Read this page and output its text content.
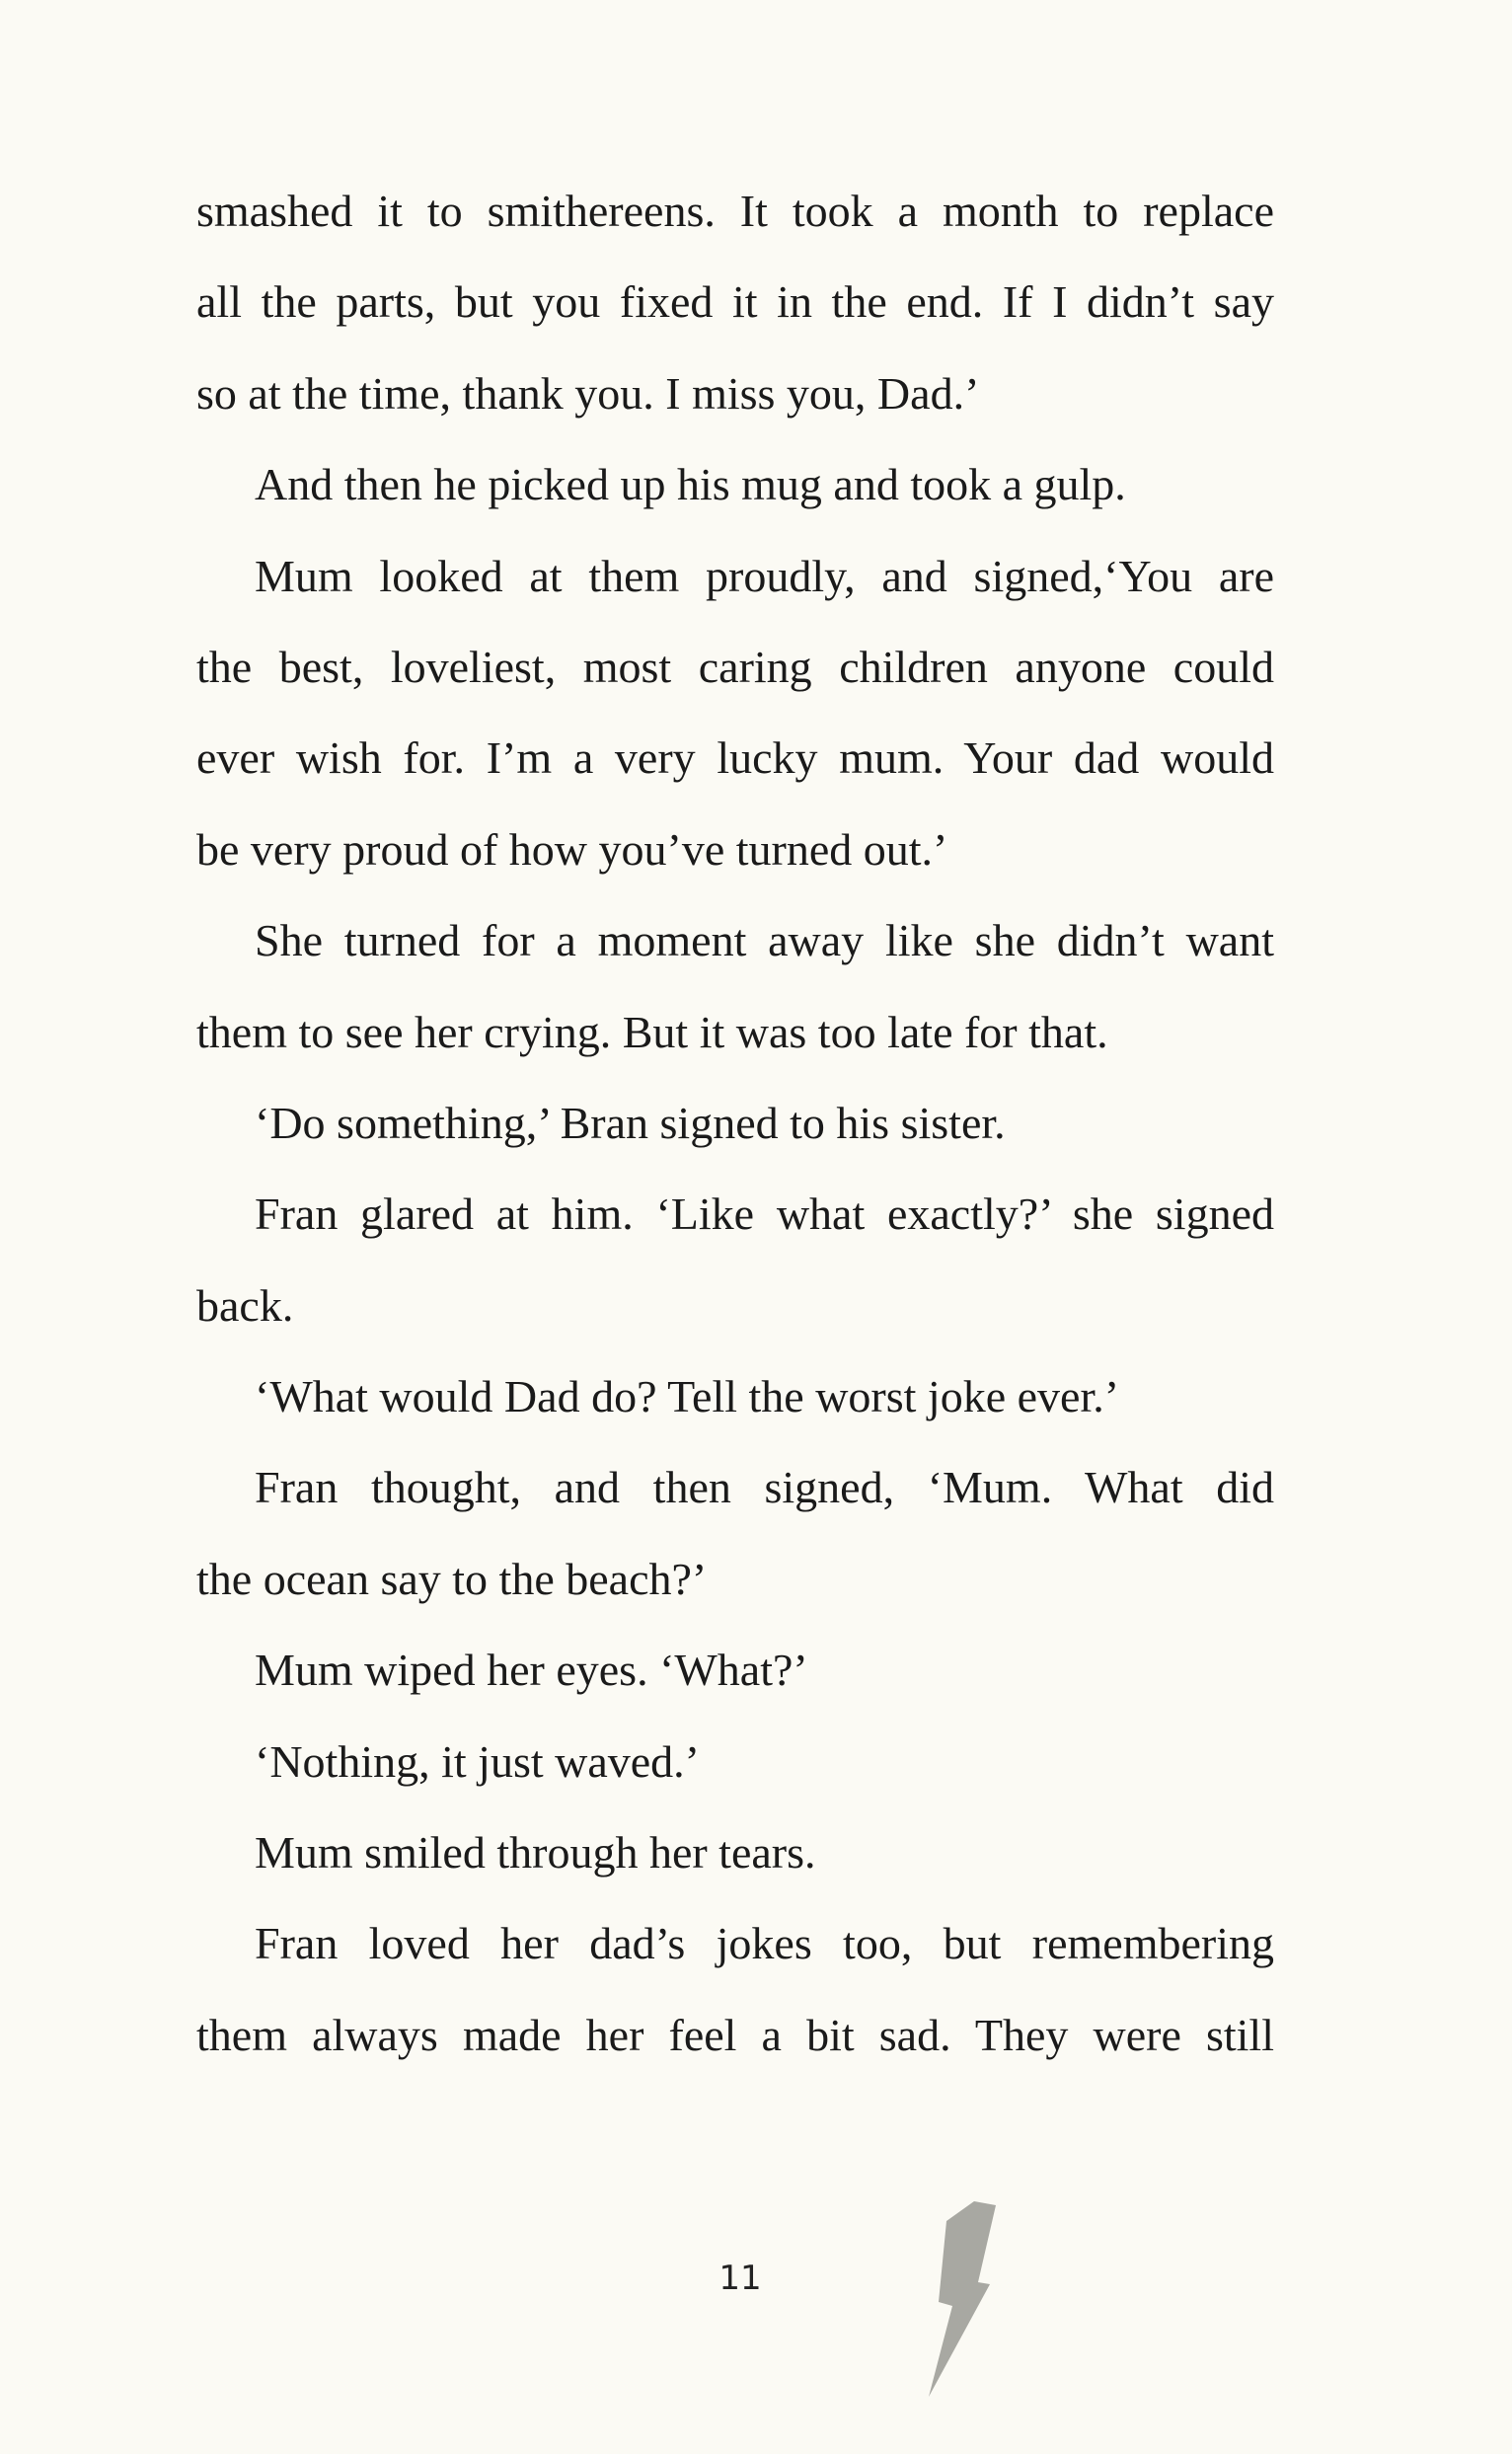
smashed it to smithereens. It took a month to replace
all the parts, but you fixed it in the end. If I didn’t say
so at the time, thank you. I miss you, Dad.’
And then he picked up his mug and took a gulp.
Mum looked at them proudly, and signed,‘You are
the best, loveliest, most caring children anyone could
ever wish for. I’m a very lucky mum. Your dad would
be very proud of how you’ve turned out.’
She turned for a moment away like she didn’t want
them to see her crying. But it was too late for that.
‘Do something,’ Bran signed to his sister.
Fran glared at him. ‘Like what exactly?’ she signed
back.
‘What would Dad do? Tell the worst joke ever.’
Fran thought, and then signed, ‘Mum. What did
the ocean say to the beach?’
Mum wiped her eyes. ‘What?’
‘Nothing, it just waved.’
Mum smiled through her tears.
Fran loved her dad’s jokes too, but remembering
them always made her feel a bit sad. They were still
11
